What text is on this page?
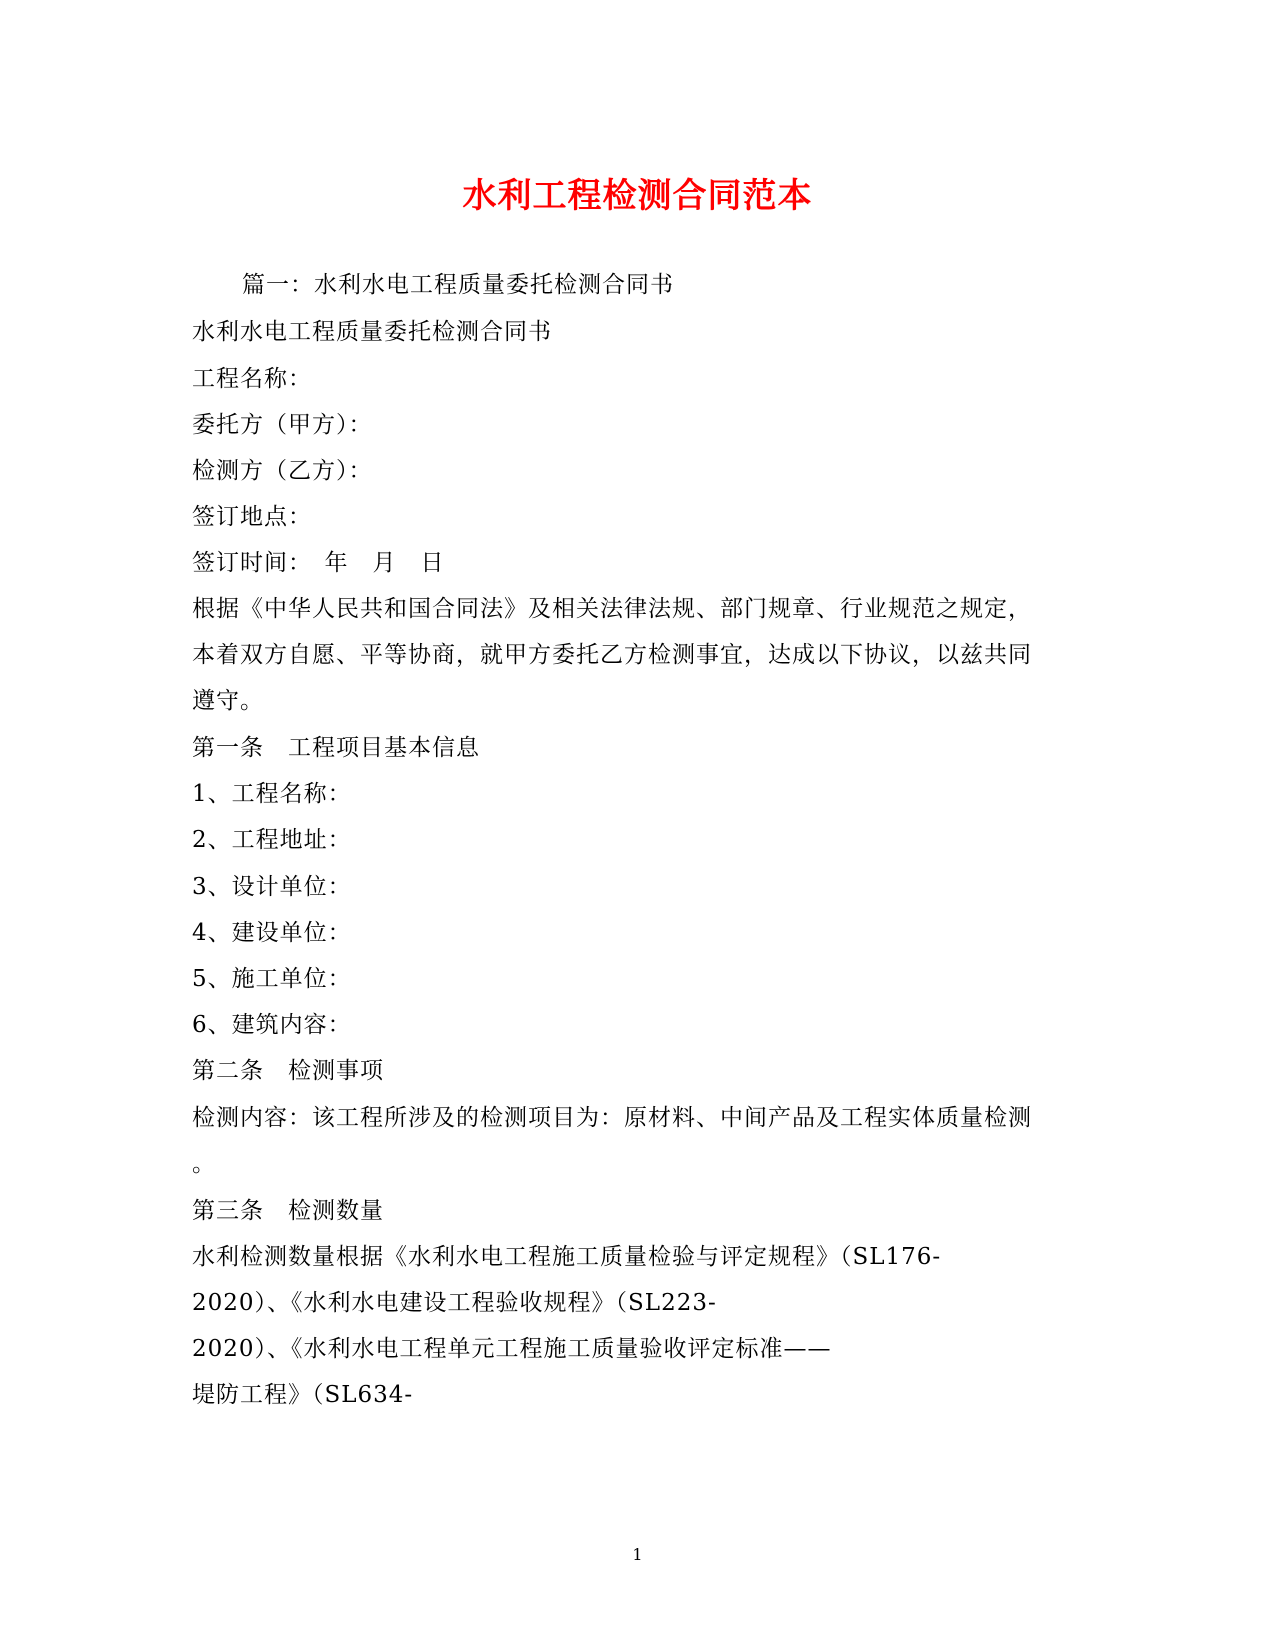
水利工程检测合同范本
篇一：水利水电工程质量委托检测合同书
水利水电工程质量委托检测合同书
工程名称：
委托方（甲方）：
检测方（乙方）：
签订地点：
签订时间：　年　月　日
根据《中华人民共和国合同法》及相关法律法规、部门规章、行业规范之规定，
本着双方自愿、平等协商，就甲方委托乙方检测事宜，达成以下协议，以兹共同
遵守。
第一条　工程项目基本信息
1、工程名称：
2、工程地址：
3、设计单位：
4、建设单位：
5、施工单位：
6、建筑内容：
第二条　检测事项
检测内容：该工程所涉及的检测项目为：原材料、中间产品及工程实体质量检测
。
第三条　检测数量
水利检测数量根据《水利水电工程施工质量检验与评定规程》（SL176-
2020）、《水利水电建设工程验收规程》（SL223-
2020）、《水利水电工程单元工程施工质量验收评定标准——
堤防工程》（SL634-
1
